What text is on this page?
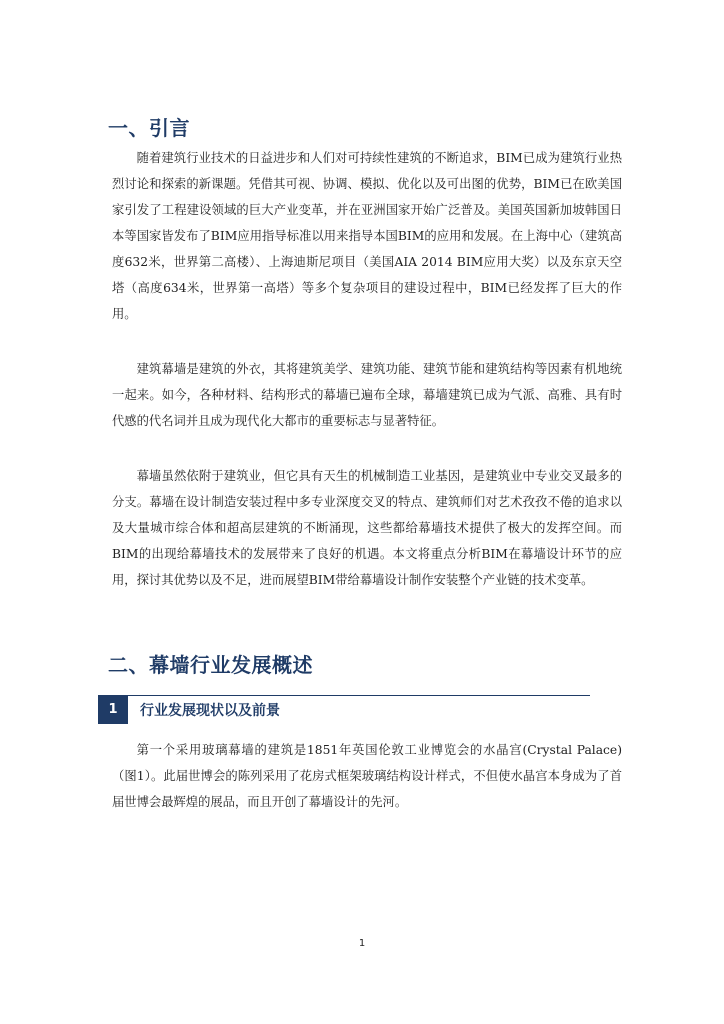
一、引言

随着建筑行业技术的日益进步和人们对可持续性建筑的不断追求，BIM已成为建筑行业热烈讨论和探索的新课题。凭借其可视、协调、模拟、优化以及可出图的优势，BIM已在欧美国家引发了工程建设领域的巨大产业变革，并在亚洲国家开始广泛普及。美国英国新加坡韩国日本等国家皆发布了BIM应用指导标准以用来指导本国BIM的应用和发展。在上海中心（建筑高度632米，世界第二高楼）、上海迪斯尼项目（美国AIA 2014 BIM应用大奖）以及东京天空塔（高度634米，世界第一高塔）等多个复杂项目的建设过程中，BIM已经发挥了巨大的作用。

建筑幕墙是建筑的外衣，其将建筑美学、建筑功能、建筑节能和建筑结构等因素有机地统一起来。如今，各种材料、结构形式的幕墙已遍布全球，幕墙建筑已成为气派、高雅、具有时代感的代名词并且成为现代化大都市的重要标志与显著特征。

幕墙虽然依附于建筑业，但它具有天生的机械制造工业基因，是建筑业中专业交叉最多的分支。幕墙在设计制造安装过程中多专业深度交叉的特点、建筑师们对艺术孜孜不倦的追求以及大量城市综合体和超高层建筑的不断涌现，这些都给幕墙技术提供了极大的发挥空间。而BIM的出现给幕墙技术的发展带来了良好的机遇。本文将重点分析BIM在幕墙设计环节的应用，探讨其优势以及不足，进而展望BIM带给幕墙设计制作安装整个产业链的技术变革。

二、幕墙行业发展概述
1	行业发展现状以及前景

第一个采用玻璃幕墙的建筑是1851年英国伦敦工业博览会的水晶宫(Crystal Palace)（图1）。此届世博会的陈列采用了花房式框架玻璃结构设计样式，不但使水晶宫本身成为了首届世博会最辉煌的展品，而且开创了幕墙设计的先河。

1
